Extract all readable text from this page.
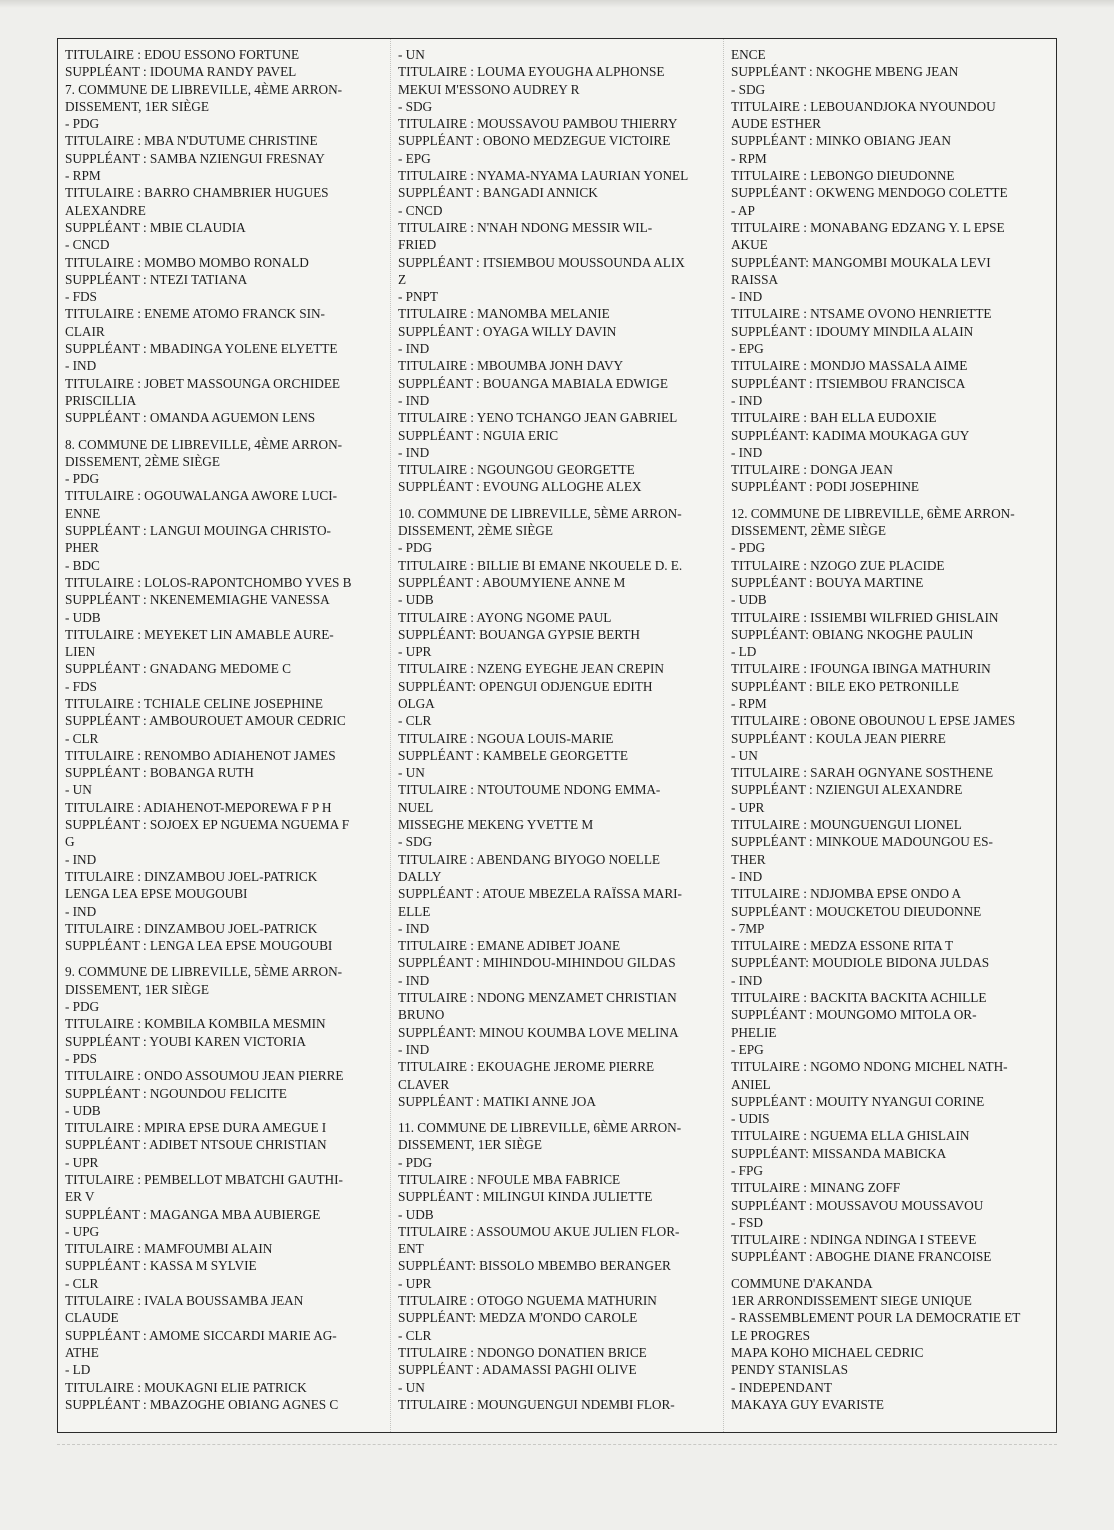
TITULAIRE : EDOU ESSONO FORTUNE
SUPPLÉANT : IDOUMA RANDY PAVEL
7. COMMUNE DE LIBREVILLE, 4ÈME ARRON-
DISSEMENT, 1ER SIÈGE
- PDG
TITULAIRE : MBA N'DUTUME CHRISTINE
SUPPLÉANT : SAMBA NZIENGUI FRESNAY
- RPM
TITULAIRE : BARRO CHAMBRIER HUGUES
ALEXANDRE
SUPPLÉANT : MBIE CLAUDIA
- CNCD
TITULAIRE : MOMBO MOMBO RONALD
SUPPLÉANT : NTEZI TATIANA
- FDS
TITULAIRE : ENEME ATOMO FRANCK SIN-
CLAIR
SUPPLÉANT : MBADINGA YOLENE ELYETTE
- IND
TITULAIRE : JOBET MASSOUNGA ORCHIDEE
PRISCILLIA
SUPPLÉANT : OMANDA AGUEMON LENS
8. COMMUNE DE LIBREVILLE, 4ÈME ARRON-
DISSEMENT, 2ÈME SIÈGE
- PDG
TITULAIRE : OGOUWALANGA AWORE LUCI-
ENNE
SUPPLÉANT : LANGUI MOUINGA CHRISTO-
PHER
- BDC
TITULAIRE : LOLOS-RAPONTCHOMBO YVES B
SUPPLÉANT : NKENEMEMIAGHE VANESSA
- UDB
TITULAIRE : MEYEKET LIN AMABLE AURE-
LIEN
SUPPLÉANT : GNADANG MEDOME C
- FDS
TITULAIRE : TCHIALE CELINE JOSEPHINE
SUPPLÉANT : AMBOUROUET AMOUR CEDRIC
- CLR
TITULAIRE : RENOMBO ADIAHENOT JAMES
SUPPLÉANT : BOBANGA RUTH
- UN
TITULAIRE : ADIAHENOT-MEPOREWA F P H
SUPPLÉANT : SOJOEX EP NGUEMA NGUEMA F
G
- IND
TITULAIRE : DINZAMBOU JOEL-PATRICK
LENGA LEA EPSE MOUGOUBI
- IND
TITULAIRE : DINZAMBOU JOEL-PATRICK
SUPPLÉANT : LENGA LEA EPSE MOUGOUBI
9. COMMUNE DE LIBREVILLE, 5ÈME ARRON-
DISSEMENT, 1ER SIÈGE
- PDG
TITULAIRE : KOMBILA KOMBILA MESMIN
SUPPLÉANT : YOUBI KAREN VICTORIA
- PDS
TITULAIRE : ONDO ASSOUMOU JEAN PIERRE
SUPPLÉANT : NGOUNDOU FELICITE
- UDB
TITULAIRE : MPIRA EPSE DURA AMEGUE I
SUPPLÉANT : ADIBET NTSOUE CHRISTIAN
- UPR
TITULAIRE : PEMBELLOT MBATCHI GAUTHI-
ER V
SUPPLÉANT : MAGANGA MBA AUBIERGE
- UPG
TITULAIRE : MAMFOUMBI ALAIN
SUPPLÉANT : KASSA M SYLVIE
- CLR
TITULAIRE : IVALA BOUSSAMBA JEAN
CLAUDE
SUPPLÉANT : AMOME SICCARDI MARIE AG-
ATHE
- LD
TITULAIRE : MOUKAGNI ELIE PATRICK
SUPPLÉANT : MBAZOGHE OBIANG AGNES C
- UN
TITULAIRE : LOUMA EYOUGHA ALPHONSE
MEKUI M'ESSONO AUDREY R
- SDG
TITULAIRE : MOUSSAVOU PAMBOU THIERRY
SUPPLÉANT : OBONO MEDZEGUE VICTOIRE
- EPG
TITULAIRE : NYAMA-NYAMA LAURIAN YONEL
SUPPLÉANT : BANGADI ANNICK
- CNCD
TITULAIRE : N'NAH NDONG MESSIR WIL-
FRIED
SUPPLÉANT : ITSIEMBOU MOUSSOUNDA ALIX
Z
- PNPT
TITULAIRE : MANOMBA MELANIE
SUPPLÉANT : OYAGA WILLY DAVIN
- IND
TITULAIRE : MBOUMBA JONH DAVY
SUPPLÉANT : BOUANGA MABIALA EDWIGE
- IND
TITULAIRE : YENO TCHANGO JEAN GABRIEL
SUPPLÉANT : NGUIA ERIC
- IND
TITULAIRE : NGOUNGOU GEORGETTE
SUPPLÉANT : EVOUNG ALLOGHE ALEX
10. COMMUNE DE LIBREVILLE, 5ÈME ARRON-
DISSEMENT, 2ÈME SIÈGE
- PDG
TITULAIRE : BILLIE BI EMANE NKOUELE D. E.
SUPPLÉANT : ABOUMYIENE ANNE M
- UDB
TITULAIRE : AYONG NGOME PAUL
SUPPLÉANT: BOUANGA GYPSIE BERTH
- UPR
TITULAIRE : NZENG EYEGHE JEAN CREPIN
SUPPLÉANT: OPENGUI ODJENGUE EDITH
OLGA
- CLR
TITULAIRE : NGOUA LOUIS-MARIE
SUPPLÉANT : KAMBELE GEORGETTE
- UN
TITULAIRE : NTOUTOUME NDONG EMMA-
NUEL
MISSEGHE MEKENG YVETTE M
- SDG
TITULAIRE : ABENDANG BIYOGO NOELLE
DALLY
SUPPLÉANT : ATOUE MBEZELA RAÏSSA MARI-
ELLE
- IND
TITULAIRE : EMANE ADIBET JOANE
SUPPLÉANT : MIHINDOU-MIHINDOU GILDAS
- IND
TITULAIRE : NDONG MENZAMET CHRISTIAN
BRUNO
SUPPLÉANT: MINOU KOUMBA LOVE MELINA
- IND
TITULAIRE : EKOUAGHE JEROME PIERRE
CLAVER
SUPPLÉANT : MATIKI ANNE JOA
11. COMMUNE DE LIBREVILLE, 6ÈME ARRON-
DISSEMENT, 1ER SIÈGE
- PDG
TITULAIRE : NFOULE MBA FABRICE
SUPPLÉANT : MILINGUI KINDA JULIETTE
- UDB
TITULAIRE : ASSOUMOU AKUE JULIEN FLOR-
ENT
SUPPLÉANT: BISSOLO MBEMBO BERANGER
- UPR
TITULAIRE : OTOGO NGUEMA MATHURIN
SUPPLÉANT: MEDZA M'ONDO CAROLE
- CLR
TITULAIRE : NDONGO DONATIEN BRICE
SUPPLÉANT : ADAMASSI PAGHI OLIVE
- UN
TITULAIRE : MOUNGUENGUI NDEMBI FLOR-
ENCE
SUPPLÉANT : NKOGHE MBENG JEAN
- SDG
TITULAIRE : LEBOUANDJOKA NYOUNDOU
AUDE ESTHER
SUPPLÉANT : MINKO OBIANG JEAN
- RPM
TITULAIRE : LEBONGO DIEUDONNE
SUPPLÉANT : OKWENG MENDOGO COLETTE
- AP
TITULAIRE : MONABANG EDZANG Y. L EPSE
AKUE
SUPPLÉANT: MANGOMBI MOUKALA LEVI
RAISSA
- IND
TITULAIRE : NTSAME OVONO HENRIETTE
SUPPLÉANT : IDOUMY MINDILA ALAIN
- EPG
TITULAIRE : MONDJO MASSALA AIME
SUPPLÉANT : ITSIEMBOU FRANCISCA
- IND
TITULAIRE : BAH ELLA EUDOXIE
SUPPLÉANT: KADIMA MOUKAGA GUY
- IND
TITULAIRE : DONGA JEAN
SUPPLÉANT : PODI JOSEPHINE
12. COMMUNE DE LIBREVILLE, 6ÈME ARRON-
DISSEMENT, 2ÈME SIÈGE
- PDG
TITULAIRE : NZOGO ZUE PLACIDE
SUPPLÉANT : BOUYA MARTINE
- UDB
TITULAIRE : ISSIEMBI WILFRIED GHISLAIN
SUPPLÉANT: OBIANG NKOGHE PAULIN
- LD
TITULAIRE : IFOUNGA IBINGA MATHURIN
SUPPLÉANT : BILE EKO PETRONILLE
- RPM
TITULAIRE : OBONE OBOUNOU L EPSE JAMES
SUPPLÉANT : KOULA JEAN PIERRE
- UN
TITULAIRE : SARAH OGNYANE SOSTHENE
SUPPLÉANT : NZIENGUI ALEXANDRE
- UPR
TITULAIRE : MOUNGUENGUI LIONEL
SUPPLÉANT : MINKOUE MADOUNGOU ES-
THER
- IND
TITULAIRE : NDJOMBA EPSE ONDO A
SUPPLÉANT : MOUCKETOU DIEUDONNE
- 7MP
TITULAIRE : MEDZA ESSONE RITA T
SUPPLÉANT: MOUDIOLE BIDONA JULDAS
- IND
TITULAIRE : BACKITA BACKITA ACHILLE
SUPPLÉANT : MOUNGOMO MITOLA OR-
PHELIE
- EPG
TITULAIRE : NGOMO NDONG MICHEL NATH-
ANIEL
SUPPLÉANT : MOUITY NYANGUI CORINE
- UDIS
TITULAIRE : NGUEMA ELLA GHISLAIN
SUPPLÉANT: MISSANDA MABICKA
- FPG
TITULAIRE : MINANG ZOFF
SUPPLÉANT : MOUSSAVOU MOUSSAVOU
- FSD
TITULAIRE : NDINGA NDINGA I STEEVE
SUPPLÉANT : ABOGHE DIANE FRANCOISE
COMMUNE D'AKANDA
1ER ARRONDISSEMENT SIEGE UNIQUE
- RASSEMBLEMENT POUR LA DEMOCRATIE ET
LE PROGRES
MAPA KOHO MICHAEL CEDRIC
PENDY STANISLAS
- INDEPENDANT
MAKAYA GUY EVARISTE
